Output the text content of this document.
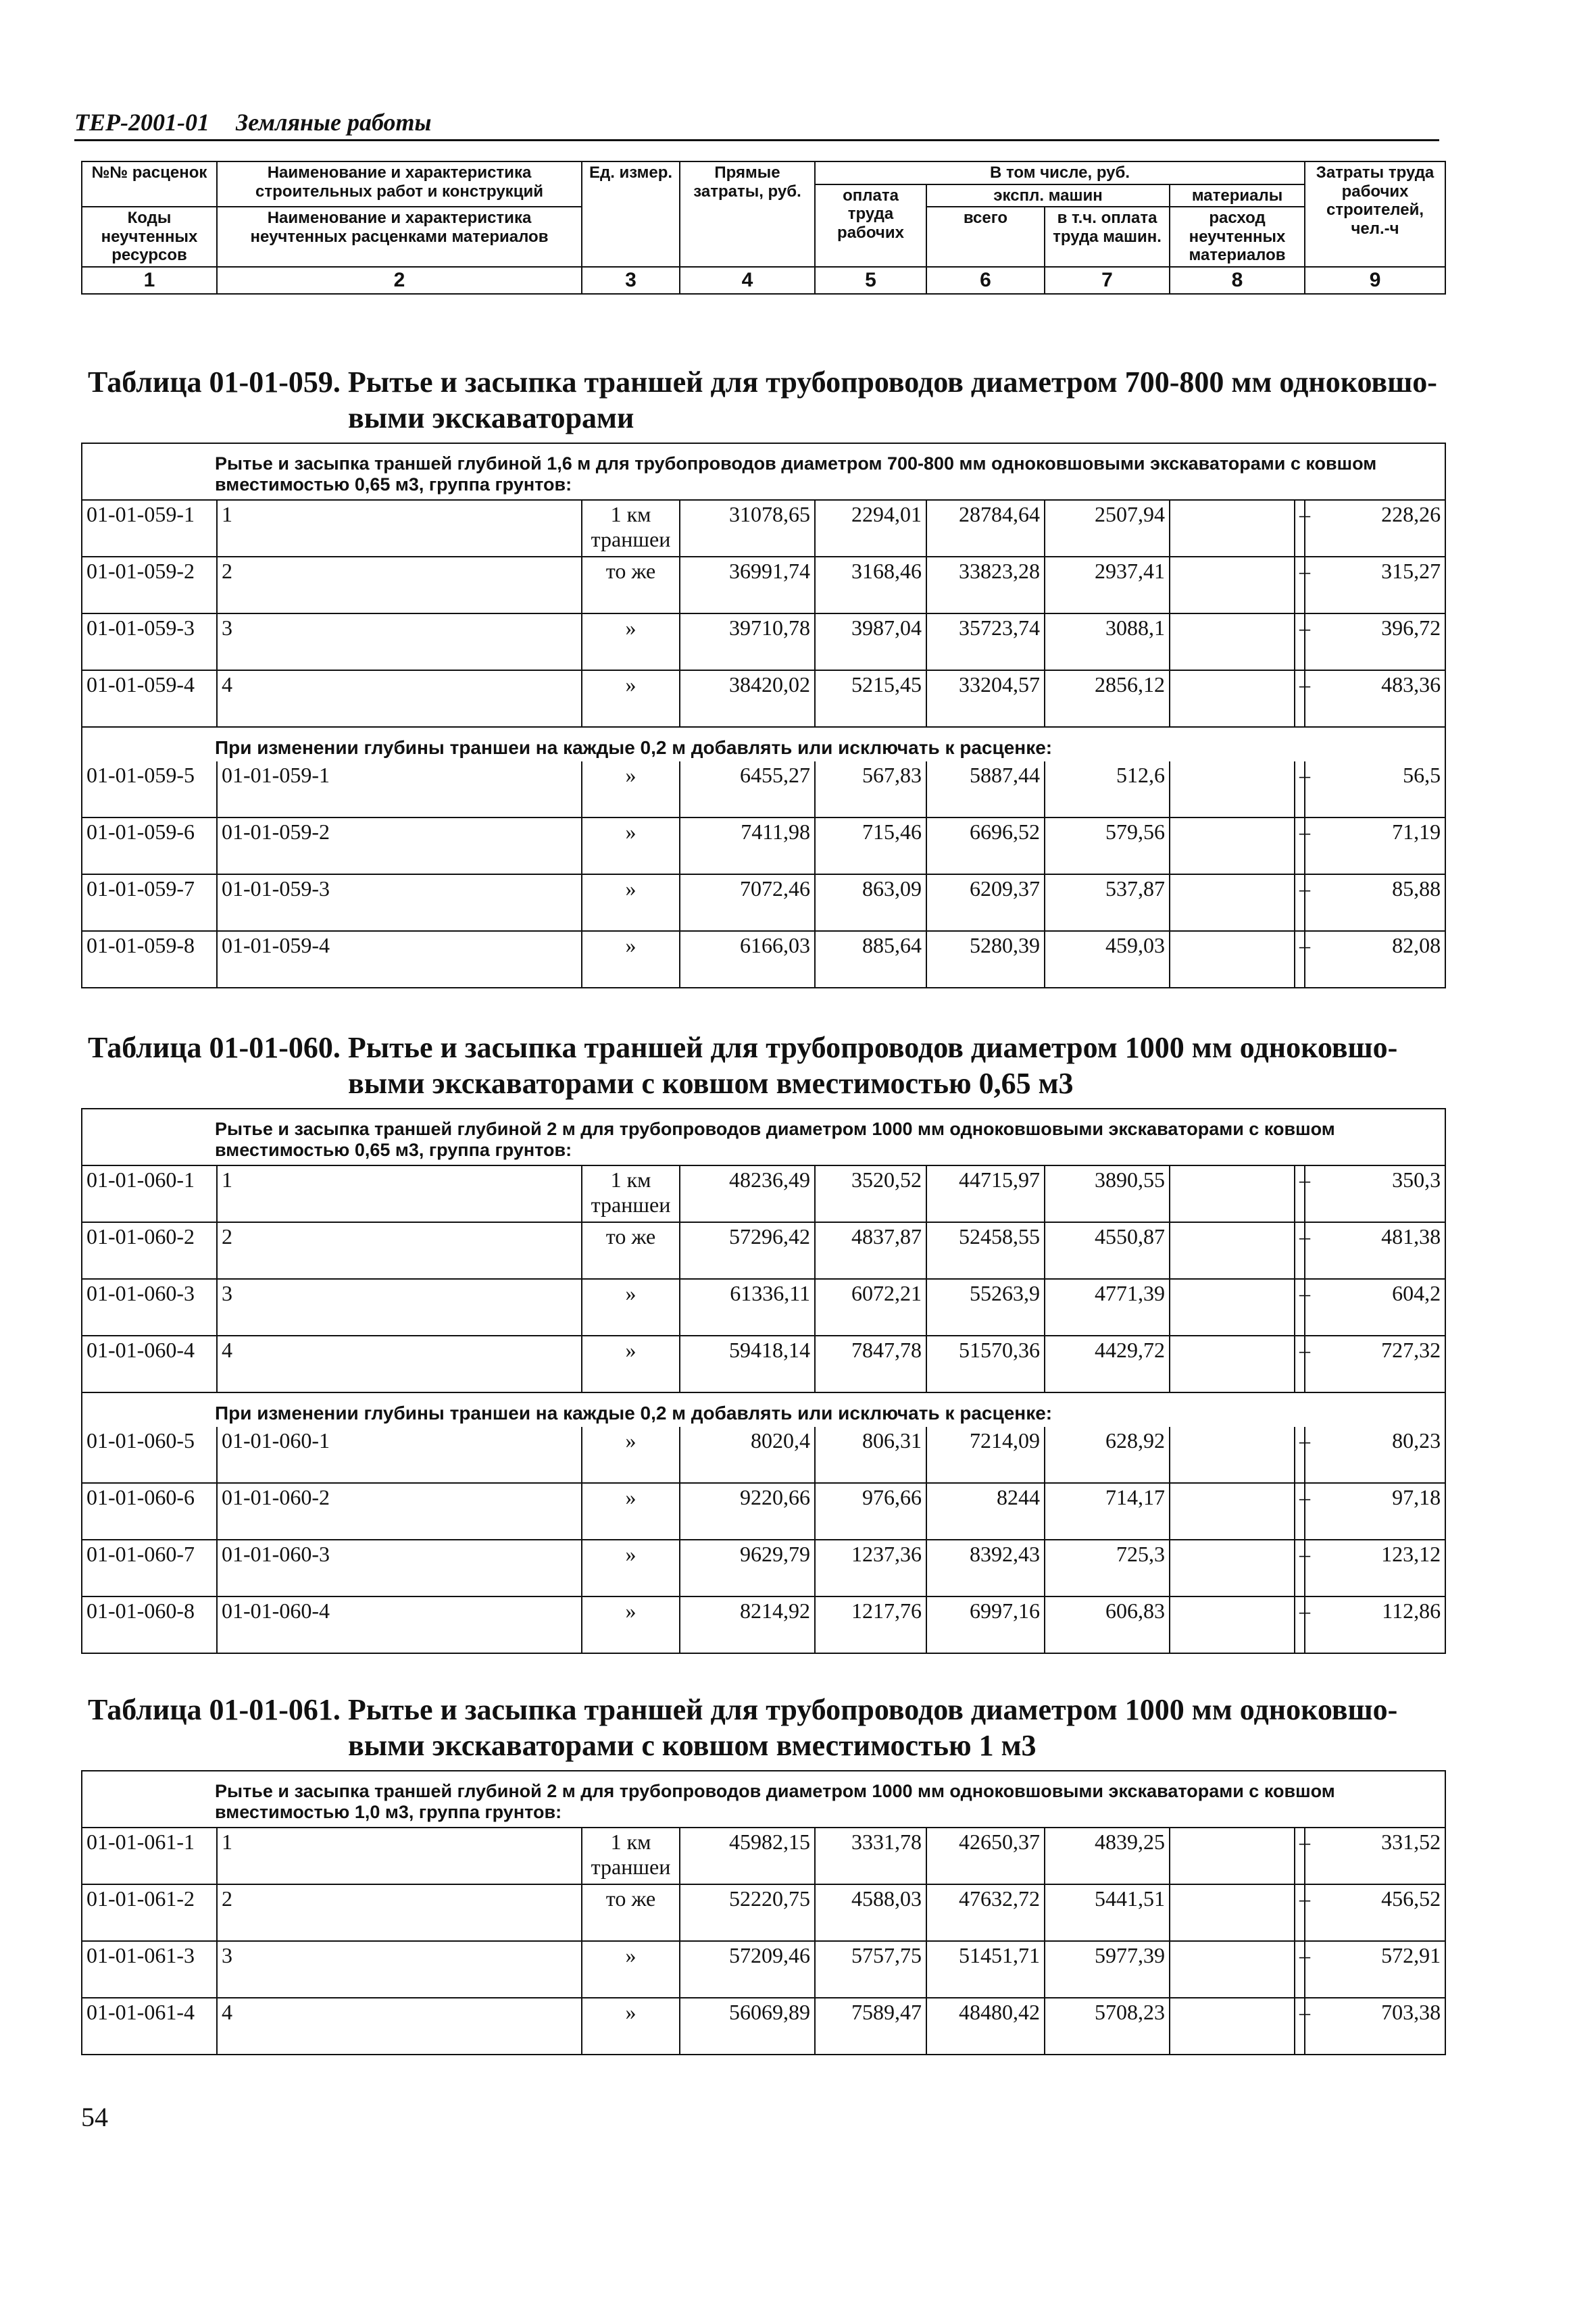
ТЕР-2001-01 Земляные работы
№№ расценок	Наименование и характеристика строительных работ и конструкций	Ед. измер.	Прямые затраты, руб.	В том числе, руб.				Затраты труда рабочих строителей, чел.-ч
				оплата труда рабочих	экспл. машин		материалы	
Коды неучтенных ресурсов	Наименование и характеристика неучтенных расценками материалов				всего	в т.ч. оплата труда машин.	расход неучтенных материалов	

1	2	3	4	5	6	7	8	9
Таблица 01-01-059. Рытье и засыпка траншей для трубопроводов диаметром 700-800 мм одноковшо-
выми экскаваторами
Рытье и засыпка траншей глубиной 1,6 м для трубопроводов диаметром 700-800 мм одноковшовыми экскаваторами с ковшом вместимостью 0,65 м3, группа грунтов:									
01-01-059-1	1	1 км траншеи	31078,65	2294,01	28784,64	2507,94		–	228,26
01-01-059-2	2	то же	36991,74	3168,46	33823,28	2937,41		–	315,27
01-01-059-3	3	»	39710,78	3987,04	35723,74	3088,1		–	396,72
01-01-059-4	4	»	38420,02	5215,45	33204,57	2856,12		–	483,36
При изменении глубины траншеи на каждые 0,2 м добавлять или исключать к расценке:									
01-01-059-5	01-01-059-1	»	6455,27	567,83	5887,44	512,6		–	56,5
01-01-059-6	01-01-059-2	»	7411,98	715,46	6696,52	579,56		–	71,19
01-01-059-7	01-01-059-3	»	7072,46	863,09	6209,37	537,87		–	85,88
01-01-059-8	01-01-059-4	»	6166,03	885,64	5280,39	459,03		–	82,08
Таблица 01-01-060. Рытье и засыпка траншей для трубопроводов диаметром 1000 мм одноковшо-
выми экскаваторами с ковшом вместимостью 0,65 м3
Рытье и засыпка траншей глубиной 2 м для трубопроводов диаметром 1000 мм одноковшовыми экскаваторами с ковшом вместимостью 0,65 м3, группа грунтов:									
01-01-060-1	1	1 км траншеи	48236,49	3520,52	44715,97	3890,55		–	350,3
01-01-060-2	2	то же	57296,42	4837,87	52458,55	4550,87		–	481,38
01-01-060-3	3	»	61336,11	6072,21	55263,9	4771,39		–	604,2
01-01-060-4	4	»	59418,14	7847,78	51570,36	4429,72		–	727,32
При изменении глубины траншеи на каждые 0,2 м добавлять или исключать к расценке:									
01-01-060-5	01-01-060-1	»	8020,4	806,31	7214,09	628,92		–	80,23
01-01-060-6	01-01-060-2	»	9220,66	976,66	8244	714,17		–	97,18
01-01-060-7	01-01-060-3	»	9629,79	1237,36	8392,43	725,3		–	123,12
01-01-060-8	01-01-060-4	»	8214,92	1217,76	6997,16	606,83		–	112,86
Таблица 01-01-061. Рытье и засыпка траншей для трубопроводов диаметром 1000 мм одноковшо-
выми экскаваторами с ковшом вместимостью 1 м3
Рытье и засыпка траншей глубиной 2 м для трубопроводов диаметром 1000 мм одноковшовыми экскаваторами с ковшом вместимостью 1,0 м3, группа грунтов:									
01-01-061-1	1	1 км траншеи	45982,15	3331,78	42650,37	4839,25		–	331,52
01-01-061-2	2	то же	52220,75	4588,03	47632,72	5441,51		–	456,52
01-01-061-3	3	»	57209,46	5757,75	51451,71	5977,39		–	572,91
01-01-061-4	4	»	56069,89	7589,47	48480,42	5708,23		–	703,38
54
